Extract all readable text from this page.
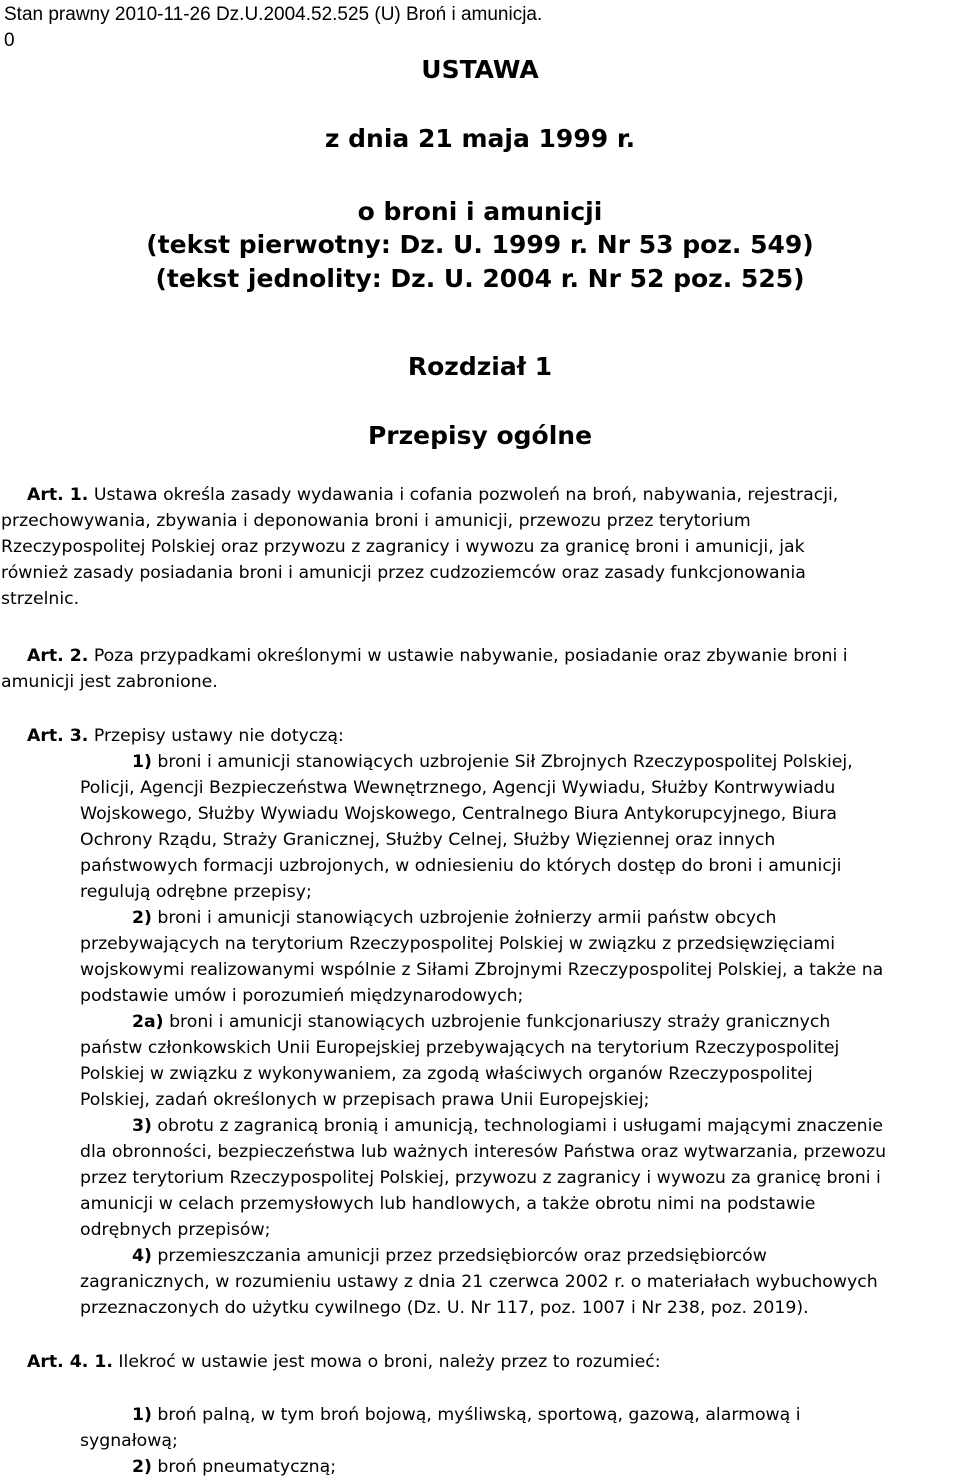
Stan prawny 2010-11-26 Dz.U.2004.52.525 (U) Broń i amunicja.
0
USTAWA
z dnia 21 maja 1999 r.
o broni i amunicji
(tekst pierwotny: Dz. U. 1999 r. Nr 53 poz. 549)
(tekst jednolity: Dz. U. 2004 r. Nr 52 poz. 525)
Rozdział 1
Przepisy ogólne
Art. 1. Ustawa określa zasady wydawania i cofania pozwoleń na broń, nabywania, rejestracji,
przechowywania, zbywania i deponowania broni i amunicji, przewozu przez terytorium
Rzeczypospolitej Polskiej oraz przywozu z zagranicy i wywozu za granicę broni i amunicji, jak
również zasady posiadania broni i amunicji przez cudzoziemców oraz zasady funkcjonowania
strzelnic.
Art. 2. Poza przypadkami określonymi w ustawie nabywanie, posiadanie oraz zbywanie broni i
amunicji jest zabronione.
Art. 3. Przepisy ustawy nie dotyczą:
1) broni i amunicji stanowiących uzbrojenie Sił Zbrojnych Rzeczypospolitej Polskiej,
Policji, Agencji Bezpieczeństwa Wewnętrznego, Agencji Wywiadu, Służby Kontrwywiadu
Wojskowego, Służby Wywiadu Wojskowego, Centralnego Biura Antykorupcyjnego, Biura
Ochrony Rządu, Straży Granicznej, Służby Celnej, Służby Więziennej oraz innych
państwowych formacji uzbrojonych, w odniesieniu do których dostęp do broni i amunicji
regulują odrębne przepisy;
2) broni i amunicji stanowiących uzbrojenie żołnierzy armii państw obcych
przebywających na terytorium Rzeczypospolitej Polskiej w związku z przedsięwzięciami
wojskowymi realizowanymi wspólnie z Siłami Zbrojnymi Rzeczypospolitej Polskiej, a także na
podstawie umów i porozumień międzynarodowych;
2a) broni i amunicji stanowiących uzbrojenie funkcjonariuszy straży granicznych
państw członkowskich Unii Europejskiej przebywających na terytorium Rzeczypospolitej
Polskiej w związku z wykonywaniem, za zgodą właściwych organów Rzeczypospolitej
Polskiej, zadań określonych w przepisach prawa Unii Europejskiej;
3) obrotu z zagranicą bronią i amunicją, technologiami i usługami mającymi znaczenie
dla obronności, bezpieczeństwa lub ważnych interesów Państwa oraz wytwarzania, przewozu
przez terytorium Rzeczypospolitej Polskiej, przywozu z zagranicy i wywozu za granicę broni i
amunicji w celach przemysłowych lub handlowych, a także obrotu nimi na podstawie
odrębnych przepisów;
4) przemieszczania amunicji przez przedsiębiorców oraz przedsiębiorców
zagranicznych, w rozumieniu ustawy z dnia 21 czerwca 2002 r. o materiałach wybuchowych
przeznaczonych do użytku cywilnego (Dz. U. Nr 117, poz. 1007 i Nr 238, poz. 2019).
Art. 4. 1. Ilekroć w ustawie jest mowa o broni, należy przez to rozumieć:
1) broń palną, w tym broń bojową, myśliwską, sportową, gazową, alarmową i
sygnałową;
2) broń pneumatyczną;
